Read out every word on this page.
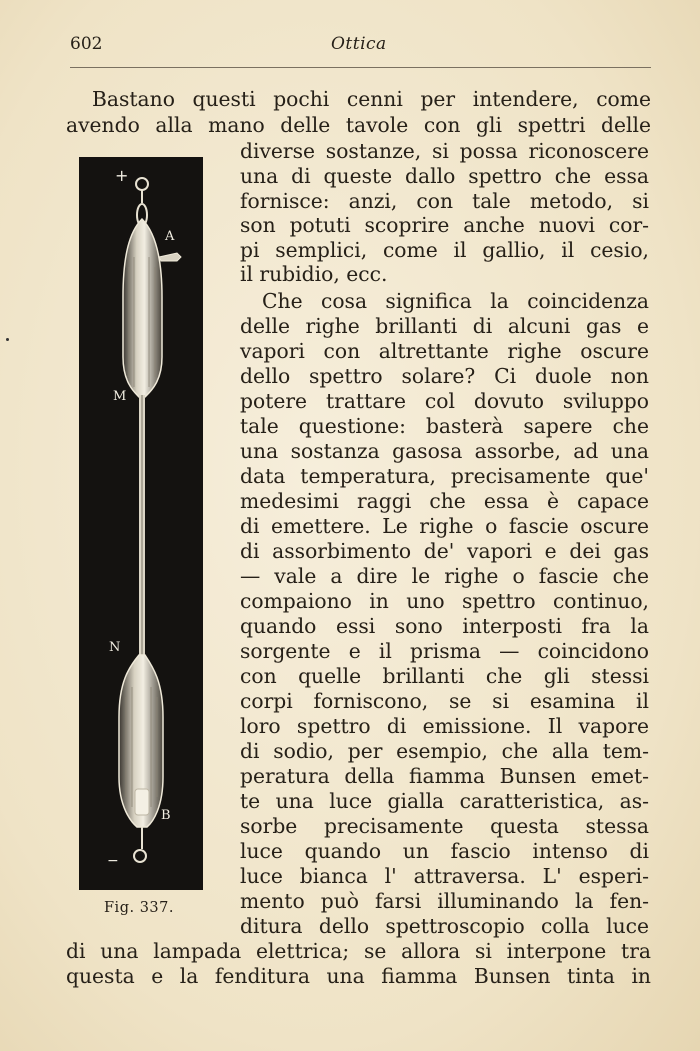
602	Ottica
+
A
M
N
B
−
Fig. 337.
Bastano questi pochi cenni per intendere, come
avendo alla mano delle tavole con gli spettri delle
diverse sostanze, si possa riconoscere
una di queste dallo spettro che essa
fornisce: anzi, con tale metodo, si
son potuti scoprire anche nuovi cor-
pi semplici, come il gallio, il cesio,
il rubidio, ecc.
Che cosa significa la coincidenza
delle righe brillanti di alcuni gas e
vapori con altrettante righe oscure
dello spettro solare? Ci duole non
potere trattare col dovuto sviluppo
tale questione: basterà sapere che
una sostanza gasosa assorbe, ad una
data temperatura, precisamente que'
medesimi raggi che essa è capace
di emettere. Le righe o fascie oscure
di assorbimento de' vapori e dei gas
— vale a dire le righe o fascie che
compaiono in uno spettro continuo,
quando essi sono interposti fra la
sorgente e il prisma — coincidono
con quelle brillanti che gli stessi
corpi forniscono, se si esamina il
loro spettro di emissione. Il vapore
di sodio, per esempio, che alla tem-
peratura della fiamma Bunsen emet-
te una luce gialla caratteristica, as-
sorbe precisamente questa stessa
luce quando un fascio intenso di
luce bianca l' attraversa. L' esperi-
mento può farsi illuminando la fen-
ditura dello spettroscopio colla luce
di una lampada elettrica; se allora si interpone tra
questa e la fenditura una fiamma Bunsen tinta in
